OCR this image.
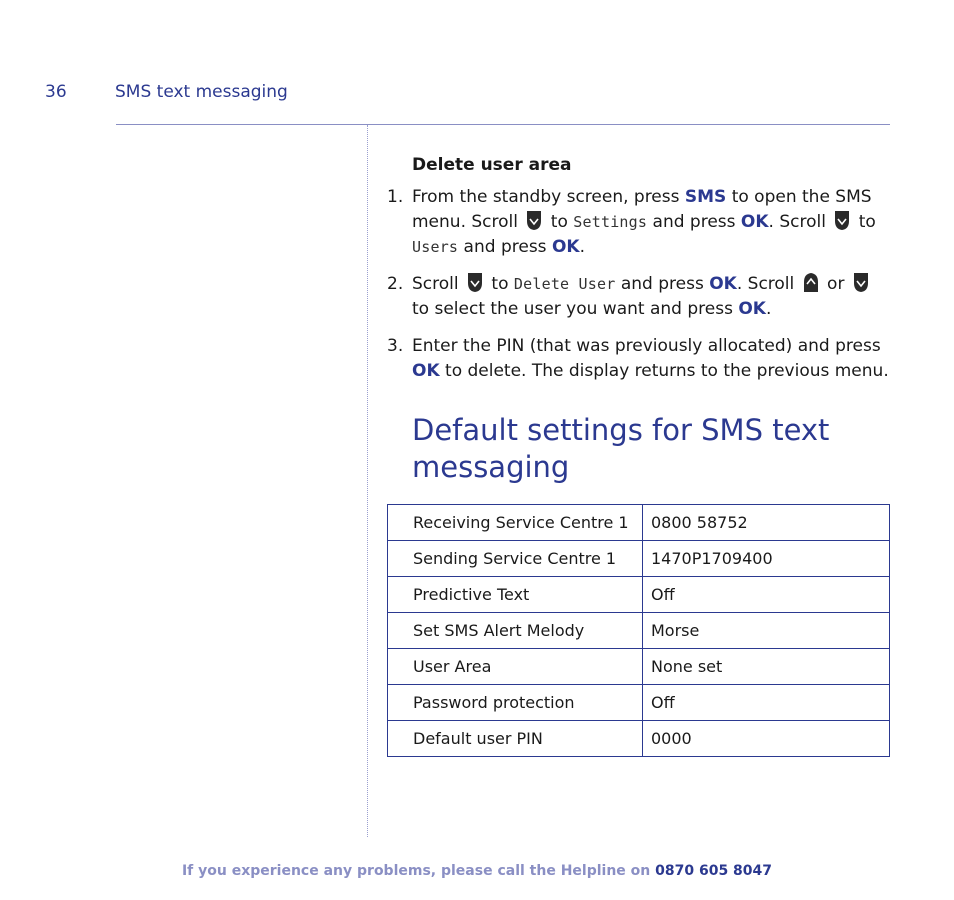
36	SMS text messaging
Delete user area
1. From the standby screen, press SMS to open the SMS menu. Scroll  to Settings and press OK. Scroll  to Users and press OK.
2. Scroll  to Delete User and press OK. Scroll  or  to select the user you want and press OK.
3. Enter the PIN (that was previously allocated) and press OK to delete. The display returns to the previous menu.
Default settings for SMS text messaging
Receiving Service Centre 1	0800 58752
Sending Service Centre 1	1470P1709400
Predictive Text	Off
Set SMS Alert Melody	Morse
User Area	None set
Password protection	Off
Default user PIN	0000
If you experience any problems, please call the Helpline on 0870 605 8047
